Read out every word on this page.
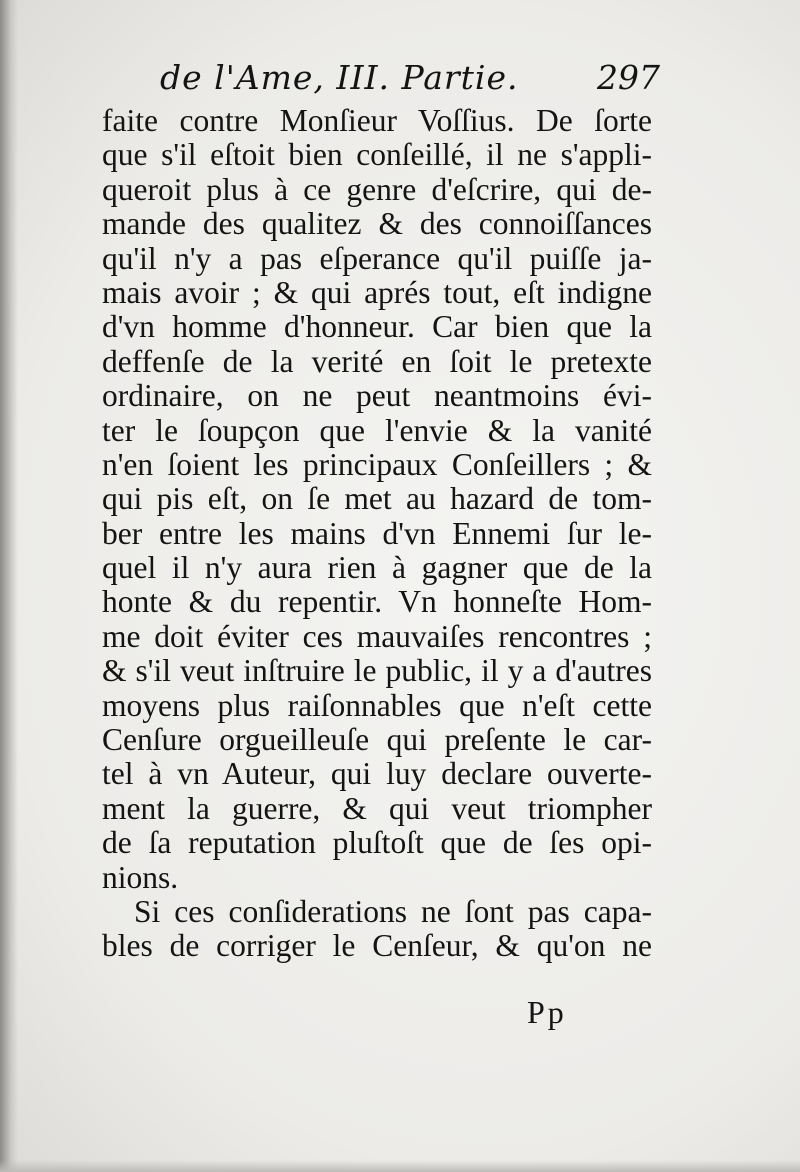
de l'Ame, III. Partie. 297
faite contre Monſieur Voſſius. De ſorte
que s'il eſtoit bien conſeillé, il ne s'appli-
queroit plus à ce genre d'eſcrire, qui de-
mande des qualitez & des connoiſſances
qu'il n'y a pas eſperance qu'il puiſſe ja-
mais avoir ; & qui aprés tout, eſt indigne
d'vn homme d'honneur. Car bien que la
deffenſe de la verité en ſoit le pretexte
ordinaire, on ne peut neantmoins évi-
ter le ſoupçon que l'envie & la vanité
n'en ſoient les principaux Conſeillers ; &
qui pis eſt, on ſe met au hazard de tom-
ber entre les mains d'vn Ennemi ſur le-
quel il n'y aura rien à gagner que de la
honte & du repentir. Vn honneſte Hom-
me doit éviter ces mauvaiſes rencontres ;
& s'il veut inſtruire le public, il y a d'autres
moyens plus raiſonnables que n'eſt cette
Cenſure orgueilleuſe qui preſente le car-
tel à vn Auteur, qui luy declare ouverte-
ment la guerre, & qui veut triompher
de ſa reputation pluſtoſt que de ſes opi-
nions.
Si ces conſiderations ne ſont pas capa-
bles de corriger le Cenſeur, & qu'on ne
Pp
